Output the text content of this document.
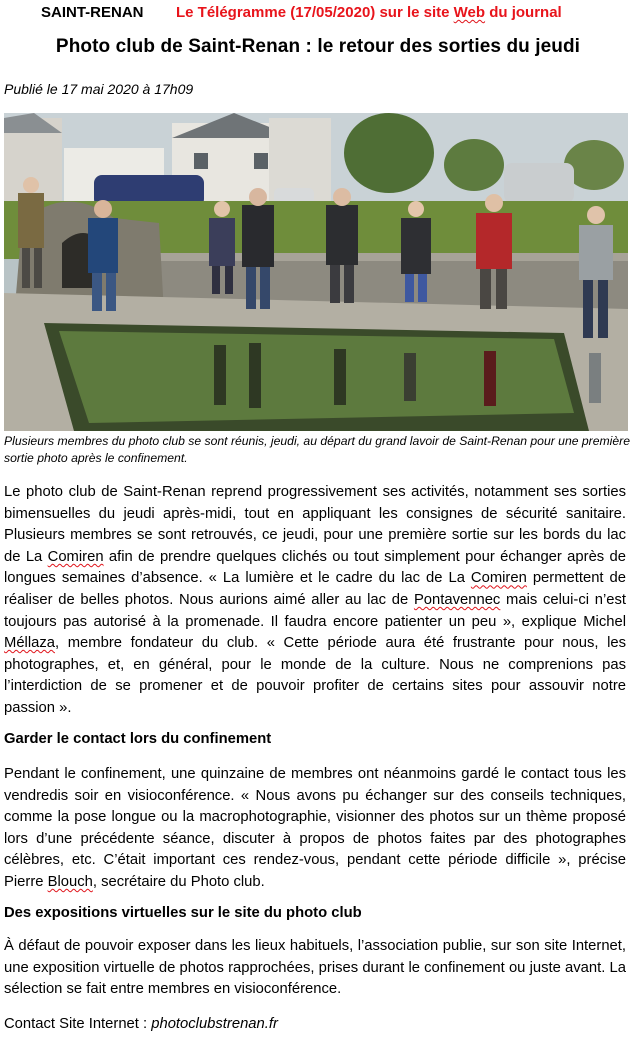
SAINT-RENAN Le Télégramme (17/05/2020) sur le site Web du journal
Photo club de Saint-Renan : le retour des sorties du jeudi
Publié le 17 mai 2020 à 17h09
Plusieurs membres du photo club se sont réunis, jeudi, au départ du grand lavoir de Saint-Renan pour une première sortie photo après le confinement.

Le photo club de Saint-Renan reprend progressivement ses activités, notamment ses sorties bimensuelles du jeudi après-midi, tout en appliquant les consignes de sécurité sanitaire. Plusieurs membres se sont retrouvés, ce jeudi, pour une première sortie sur les bords du lac de La Comiren afin de prendre quelques clichés ou tout simplement pour échanger après de longues semaines d’absence. « La lumière et le cadre du lac de La Comiren permettent de réaliser de belles photos. Nous aurions aimé aller au lac de Pontavennec mais celui-ci n’est toujours pas autorisé à la promenade. Il faudra encore patienter un peu », explique Michel Méllaza, membre fondateur du club. « Cette période aura été frustrante pour nous, les photographes, et, en général, pour le monde de la culture. Nous ne comprenions pas l’interdiction de se promener et de pouvoir profiter de certains sites pour assouvir notre passion ».

Garder le contact lors du confinement

Pendant le confinement, une quinzaine de membres ont néanmoins gardé le contact tous les vendredis soir en visioconférence. « Nous avons pu échanger sur des conseils techniques, comme la pose longue ou la macrophotographie, visionner des photos sur un thème proposé lors d’une précédente séance, discuter à propos de photos faites par des photographes célèbres, etc. C’était important ces rendez-vous, pendant cette période difficile », précise Pierre Blouch, secrétaire du Photo club.

Des expositions virtuelles sur le site du photo club

À défaut de pouvoir exposer dans les lieux habituels, l’association publie, sur son site Internet, une exposition virtuelle de photos rapprochées, prises durant le confinement ou juste avant. La sélection se fait entre membres en visioconférence.

Contact Site Internet : photoclubstrenan.fr
